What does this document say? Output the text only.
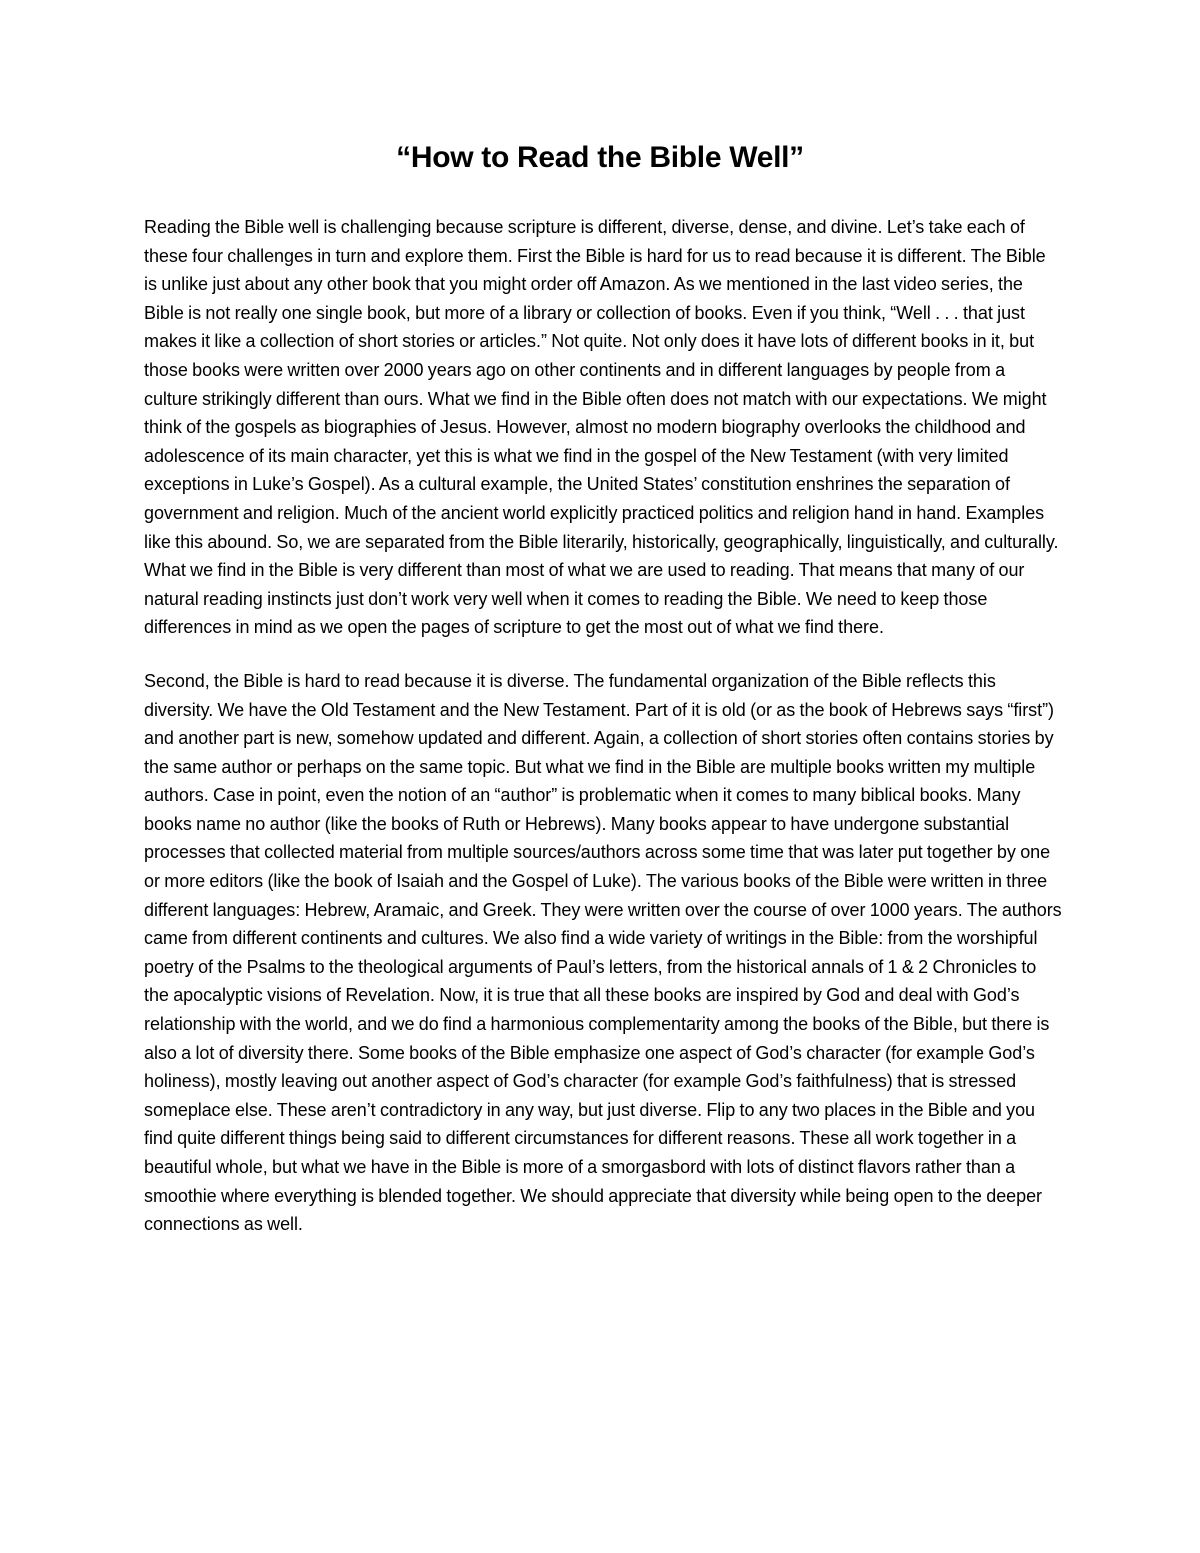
“How to Read the Bible Well”

Reading the Bible well is challenging because scripture is different, diverse, dense, and divine. Let’s take each of these four challenges in turn and explore them. First the Bible is hard for us to read because it is different. The Bible is unlike just about any other book that you might order off Amazon. As we mentioned in the last video series, the Bible is not really one single book, but more of a library or collection of books. Even if you think, “Well . . . that just makes it like a collection of short stories or articles.” Not quite. Not only does it have lots of different books in it, but those books were written over 2000 years ago on other continents and in different languages by people from a culture strikingly different than ours. What we find in the Bible often does not match with our expectations. We might think of the gospels as biographies of Jesus. However, almost no modern biography overlooks the childhood and adolescence of its main character, yet this is what we find in the gospel of the New Testament (with very limited exceptions in Luke’s Gospel). As a cultural example, the United States’ constitution enshrines the separation of government and religion. Much of the ancient world explicitly practiced politics and religion hand in hand. Examples like this abound. So, we are separated from the Bible literarily, historically, geographically, linguistically, and culturally. What we find in the Bible is very different than most of what we are used to reading. That means that many of our natural reading instincts just don’t work very well when it comes to reading the Bible. We need to keep those differences in mind as we open the pages of scripture to get the most out of what we find there.

Second, the Bible is hard to read because it is diverse. The fundamental organization of the Bible reflects this diversity. We have the Old Testament and the New Testament. Part of it is old (or as the book of Hebrews says “first”) and another part is new, somehow updated and different. Again, a collection of short stories often contains stories by the same author or perhaps on the same topic. But what we find in the Bible are multiple books written my multiple authors. Case in point, even the notion of an “author” is problematic when it comes to many biblical books. Many books name no author (like the books of Ruth or Hebrews). Many books appear to have undergone substantial processes that collected material from multiple sources/authors across some time that was later put together by one or more editors (like the book of Isaiah and the Gospel of Luke). The various books of the Bible were written in three different languages: Hebrew, Aramaic, and Greek. They were written over the course of over 1000 years. The authors came from different continents and cultures. We also find a wide variety of writings in the Bible: from the worshipful poetry of the Psalms to the theological arguments of Paul’s letters, from the historical annals of 1 & 2 Chronicles to the apocalyptic visions of Revelation. Now, it is true that all these books are inspired by God and deal with God’s relationship with the world, and we do find a harmonious complementarity among the books of the Bible, but there is also a lot of diversity there. Some books of the Bible emphasize one aspect of God’s character (for example God’s holiness), mostly leaving out another aspect of God’s character (for example God’s faithfulness) that is stressed someplace else. These aren’t contradictory in any way, but just diverse. Flip to any two places in the Bible and you find quite different things being said to different circumstances for different reasons. These all work together in a beautiful whole, but what we have in the Bible is more of a smorgasbord with lots of distinct flavors rather than a smoothie where everything is blended together. We should appreciate that diversity while being open to the deeper connections as well.
